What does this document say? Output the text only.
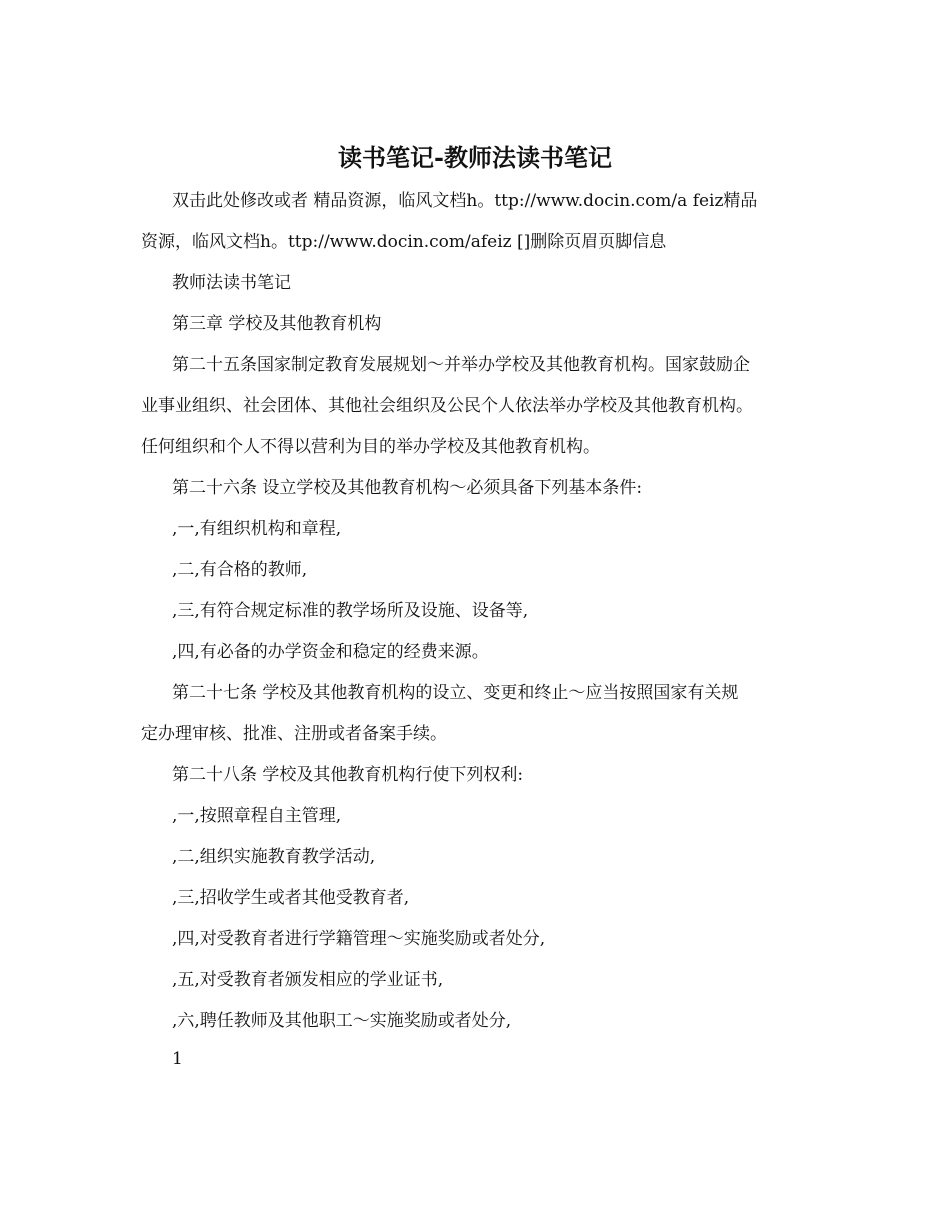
读书笔记-教师法读书笔记
双击此处修改或者 精品资源，临风文档h。ttp://www.docin.com/a feiz精品
资源，临风文档h。ttp://www.docin.com/afeiz []删除页眉页脚信息
教师法读书笔记
第三章 学校及其他教育机构
第二十五条国家制定教育发展规划～并举办学校及其他教育机构。国家鼓励企
业事业组织、社会团体、其他社会组织及公民个人依法举办学校及其他教育机构。
任何组织和个人不得以营利为目的举办学校及其他教育机构。
第二十六条 设立学校及其他教育机构～必须具备下列基本条件:
,一,有组织机构和章程,
,二,有合格的教师,
,三,有符合规定标准的教学场所及设施、设备等,
,四,有必备的办学资金和稳定的经费来源。
第二十七条 学校及其他教育机构的设立、变更和终止～应当按照国家有关规
定办理审核、批准、注册或者备案手续。
第二十八条 学校及其他教育机构行使下列权利:
,一,按照章程自主管理,
,二,组织实施教育教学活动,
,三,招收学生或者其他受教育者,
,四,对受教育者进行学籍管理～实施奖励或者处分,
,五,对受教育者颁发相应的学业证书,
,六,聘任教师及其他职工～实施奖励或者处分,
1
